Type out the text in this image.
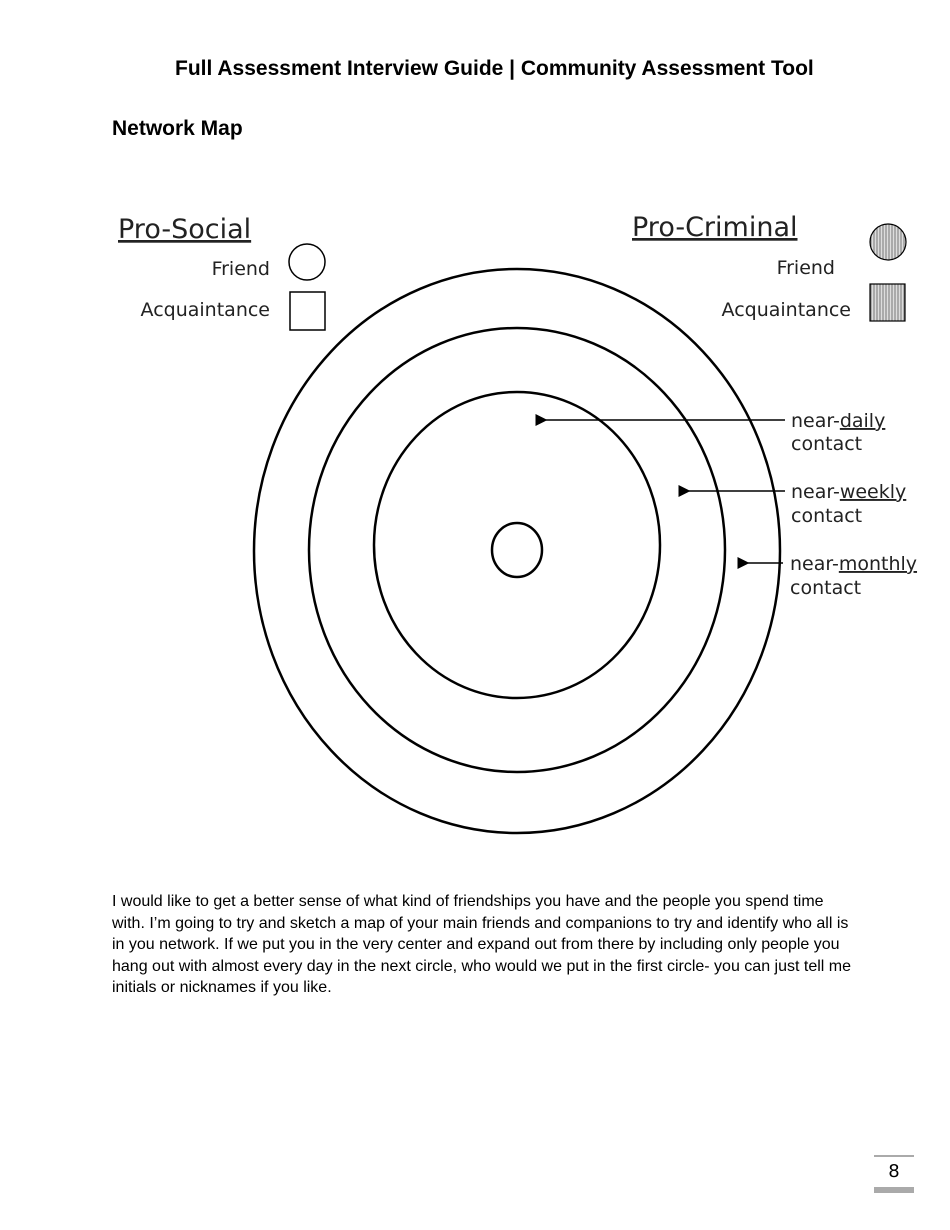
Full Assessment Interview Guide | Community Assessment Tool
Network Map
Pro-Social
Friend
Acquaintance
Pro-Criminal
Friend
Acquaintance
near-daily
contact
near-weekly
contact
near-monthly
contact
I would like to get a better sense of what kind of friendships you have and the people you spend time with. I’m going to try and sketch a map of your main friends and companions to try and identify who all is in you network. If we put you in the very center and expand out from there by including only people you hang out with almost every day in the next circle, who would we put in the first circle- you can just tell me initials or nicknames if you like.
8
